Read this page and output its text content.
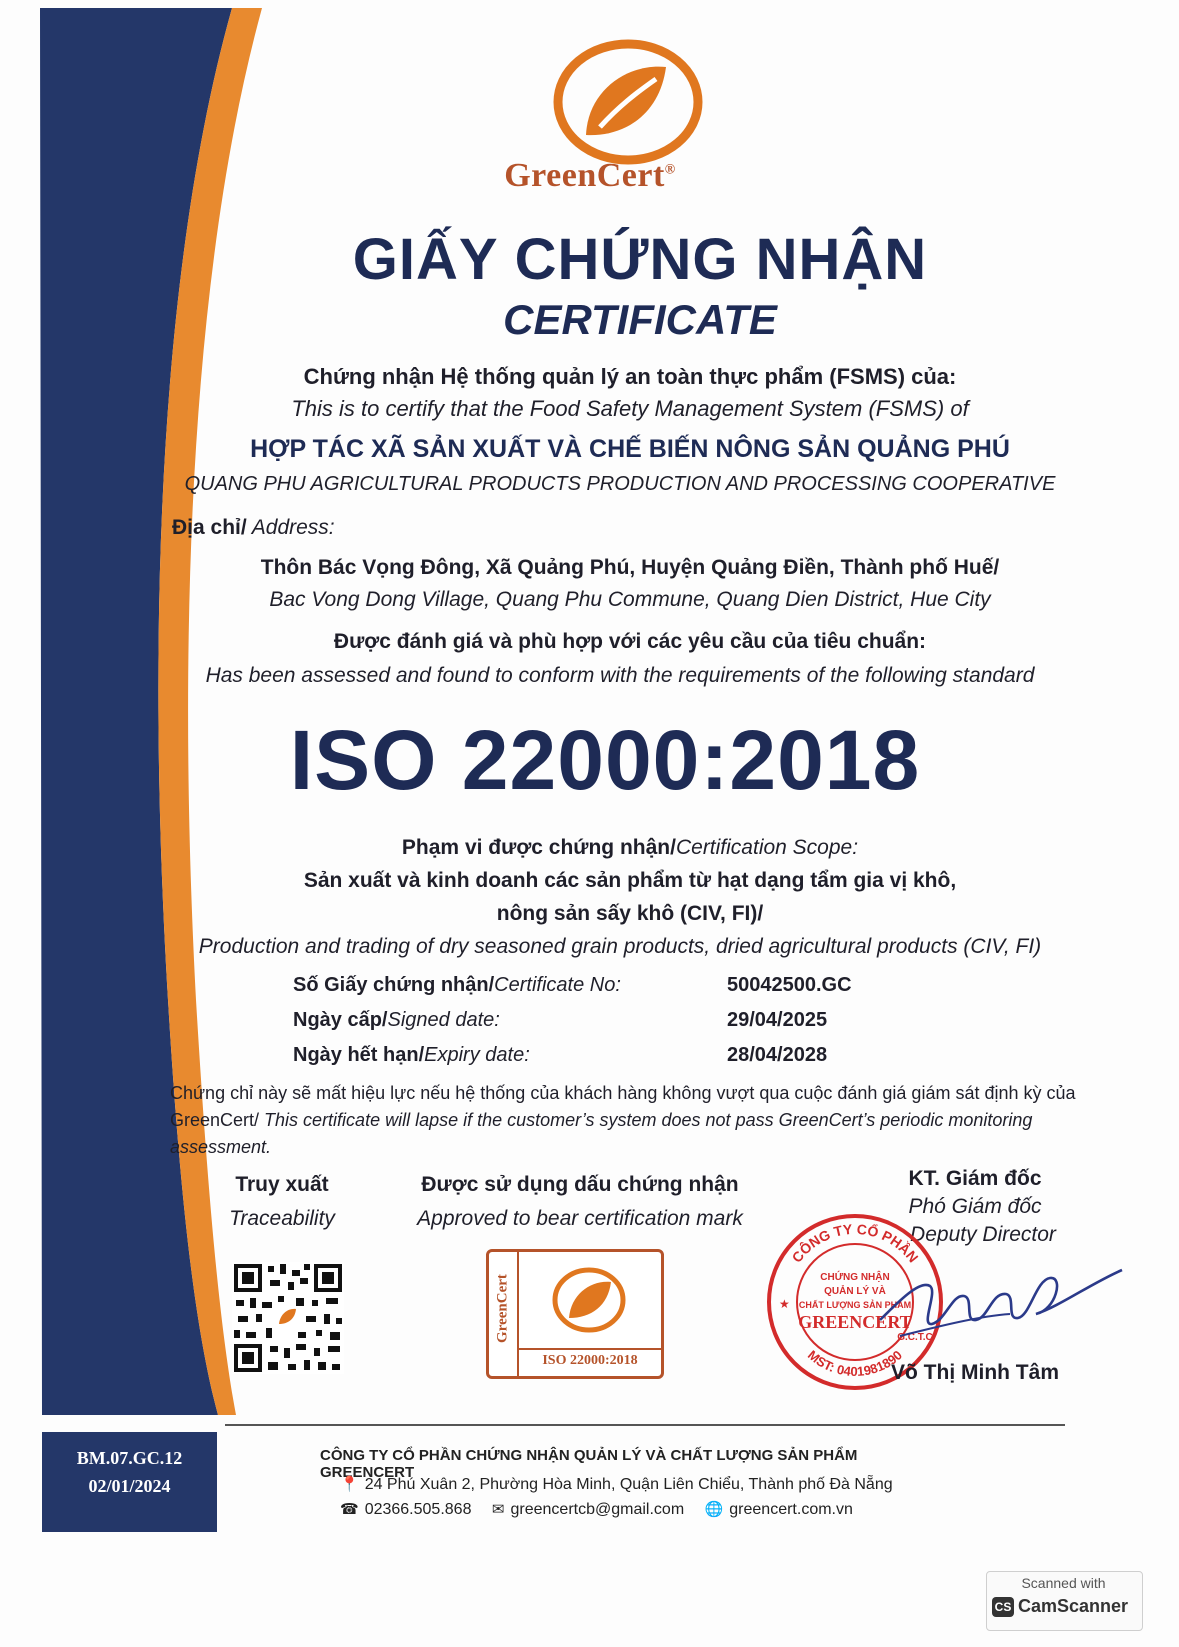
GreenCert®
GIẤY CHỨNG NHẬN
CERTIFICATE
Chứng nhận Hệ thống quản lý an toàn thực phẩm (FSMS) của:
This is to certify that the Food Safety Management System (FSMS) of
HỢP TÁC XÃ SẢN XUẤT VÀ CHẾ BIẾN NÔNG SẢN QUẢNG PHÚ
QUANG PHU AGRICULTURAL PRODUCTS PRODUCTION AND PROCESSING COOPERATIVE
Địa chỉ/ Address:
Thôn Bác Vọng Đông, Xã Quảng Phú, Huyện Quảng Điền, Thành phố Huế/
Bac Vong Dong Village, Quang Phu Commune, Quang Dien District, Hue City
Được đánh giá và phù hợp với các yêu cầu của tiêu chuẩn:
Has been assessed and found to conform with the requirements of the following standard
ISO 22000:2018
Phạm vi được chứng nhận/Certification Scope:
Sản xuất và kinh doanh các sản phẩm từ hạt dạng tẩm gia vị khô,
nông sản sấy khô (CIV, FI)/
Production and trading of dry seasoned grain products, dried agricultural products (CIV, FI)
Số Giấy chứng nhận/Certificate No:	50042500.GC
Ngày cấp/Signed date:	29/04/2025
Ngày hết hạn/Expiry date:	28/04/2028
Chứng chỉ này sẽ mất hiệu lực nếu hệ thống của khách hàng không vượt qua cuộc đánh giá giám sát định kỳ của GreenCert/ This certificate will lapse if the customer’s system does not pass GreenCert’s periodic monitoring assessment.
Truy xuất
Traceability
Được sử dụng dấu chứng nhận
Approved to bear certification mark
GreenCert
ISO 22000:2018
KT. Giám đốc
Phó Giám đốc
Deputy Director
CÔNG TY CỔ PHẦN
MST: 0401981890
CHỨNG NHẬN
QUẢN LÝ VÀ
CHẤT LƯỢNG SẢN PHẨM
GREENCERT
G.C.T.C
★
Võ Thị Minh Tâm
BM.07.GC.12
02/01/2024
CÔNG TY CỔ PHẦN CHỨNG NHẬN QUẢN LÝ VÀ CHẤT LƯỢNG SẢN PHẨM GREENCERT
📍 24 Phú Xuân 2, Phường Hòa Minh, Quận Liên Chiểu, Thành phố Đà Nẵng
☎ 02366.505.868 ✉ greencertcb@gmail.com 🌐 greencert.com.vn
Scanned with
CS CamScanner
